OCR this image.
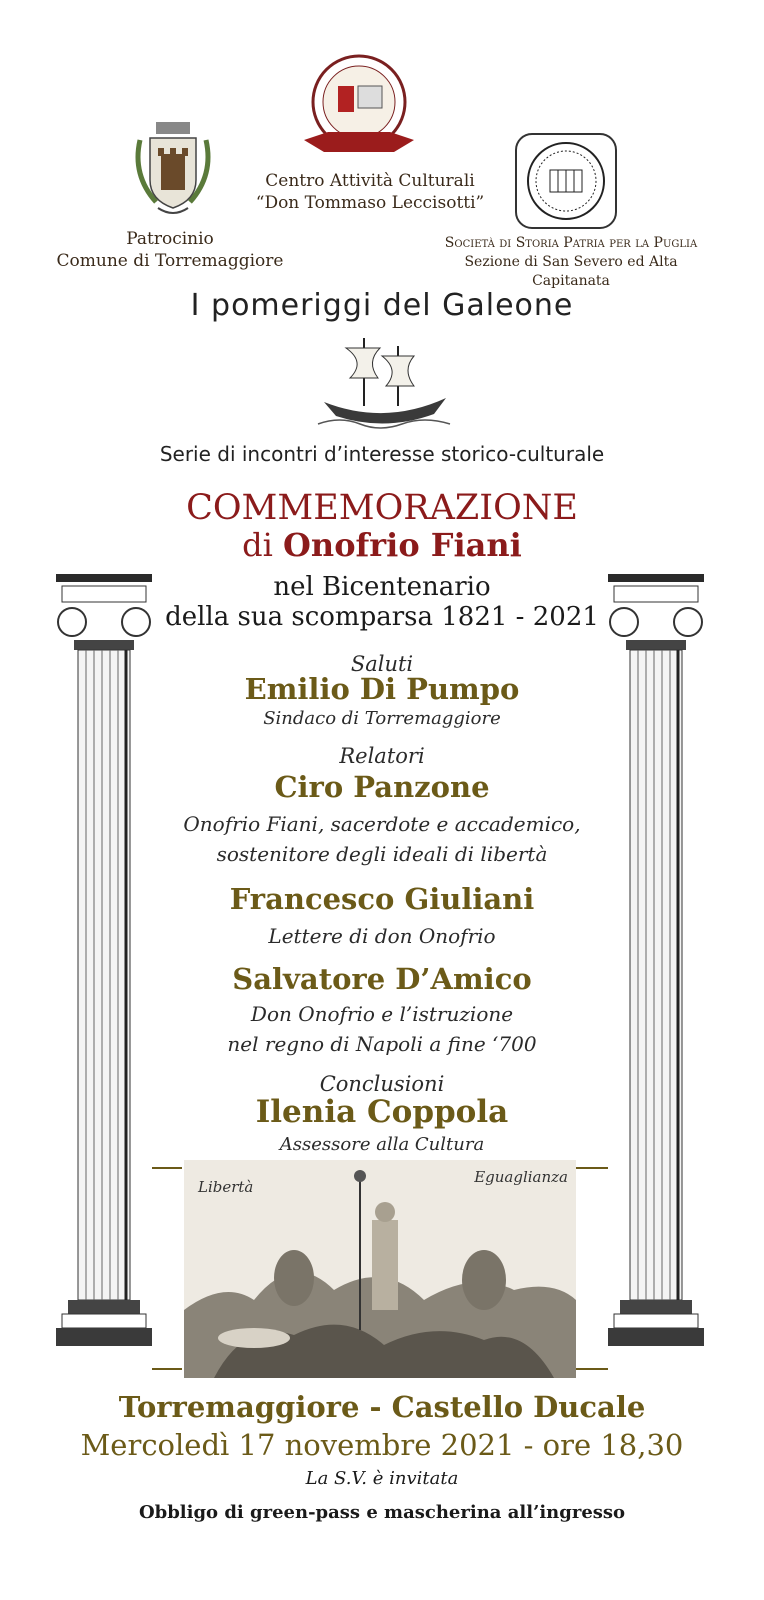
Patrocinio
Comune di Torremaggiore
Centro Attività Culturali
“Don Tommaso Leccisotti”
Società di Storia Patria per la Puglia
Sezione di San Severo ed Alta Capitanata
I pomeriggi del Galeone
Serie di incontri d’interesse storico-culturale
COMMEMORAZIONE
di Onofrio Fiani
nel Bicentenario
della sua scomparsa 1821 - 2021
Saluti
Emilio Di Pumpo
Sindaco di Torremaggiore
Relatori
Ciro Panzone
Onofrio Fiani, sacerdote e accademico,
sostenitore degli ideali di libertà
Francesco Giuliani
Lettere di don Onofrio
Salvatore D’Amico
Don Onofrio e l’istruzione
nel regno di Napoli a fine ‘700
Conclusioni
Ilenia Coppola
Assessore alla Cultura
Libertà
Eguaglianza
Torremaggiore - Castello Ducale
Mercoledì 17 novembre 2021 - ore 18,30
La S.V. è invitata
Obbligo di green-pass e mascherina all’ingresso
